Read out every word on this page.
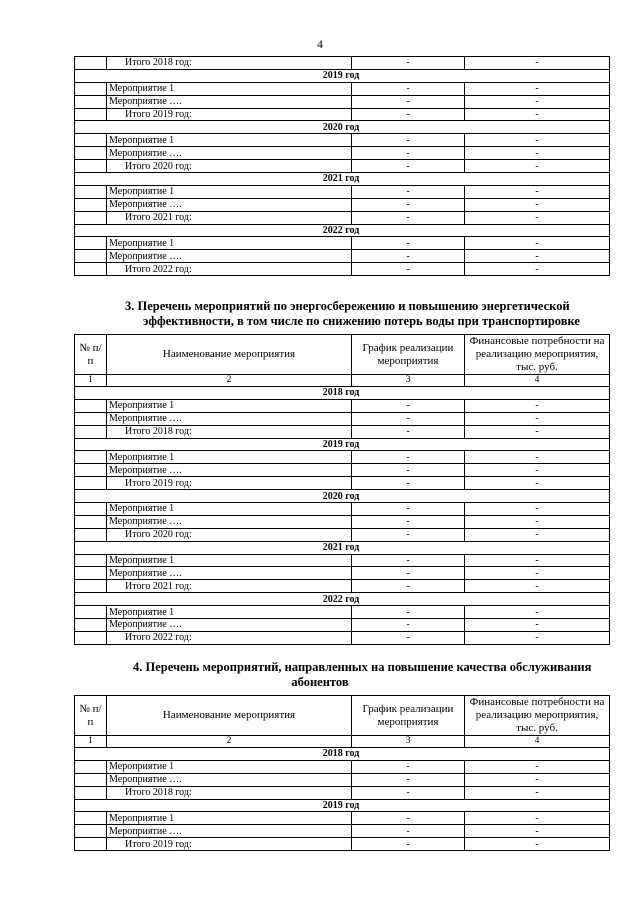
4
	Итого 2018 год:	-	-
2019 год			
	Мероприятие 1	-	-
	Мероприятие ….	-	-
	Итого 2019 год:	-	-
2020 год			
	Мероприятие 1	-	-
	Мероприятие ….	-	-
	Итого 2020 год:	-	-
2021 год			
	Мероприятие 1	-	-
	Мероприятие ….	-	-
	Итого 2021 год:	-	-
2022 год			
	Мероприятие 1	-	-
	Мероприятие ….	-	-
	Итого 2022 год:	-	-
3. Перечень мероприятий по энергосбережению и повышению энергетической
эффективности, в том числе по снижению потерь воды при транспортировке
№ п/п	Наименование мероприятия	График реализации мероприятия	Финансовые потребности на реализацию мероприятия, тыс. руб.
1	2	3	4
2018 год			
	Мероприятие 1	-	-
	Мероприятие ….	-	-
	Итого 2018 год:	-	-
2019 год			
	Мероприятие 1	-	-
	Мероприятие ….	-	-
	Итого 2019 год:	-	-
2020 год			
	Мероприятие 1	-	-
	Мероприятие ….	-	-
	Итого 2020 год:	-	-
2021 год			
	Мероприятие 1	-	-
	Мероприятие ….	-	-
	Итого 2021 год:	-	-
2022 год			
	Мероприятие 1	-	-
	Мероприятие ….	-	-
	Итого 2022 год:	-	-
4. Перечень мероприятий, направленных на повышение качества обслуживания
абонентов
№ п/п	Наименование мероприятия	График реализации мероприятия	Финансовые потребности на реализацию мероприятия, тыс. руб.
1	2	3	4
2018 год			
	Мероприятие 1	-	-
	Мероприятие ….	-	-
	Итого 2018 год:	-	-
2019 год			
	Мероприятие 1	-	-
	Мероприятие ….	-	-
	Итого 2019 год:	-	-
